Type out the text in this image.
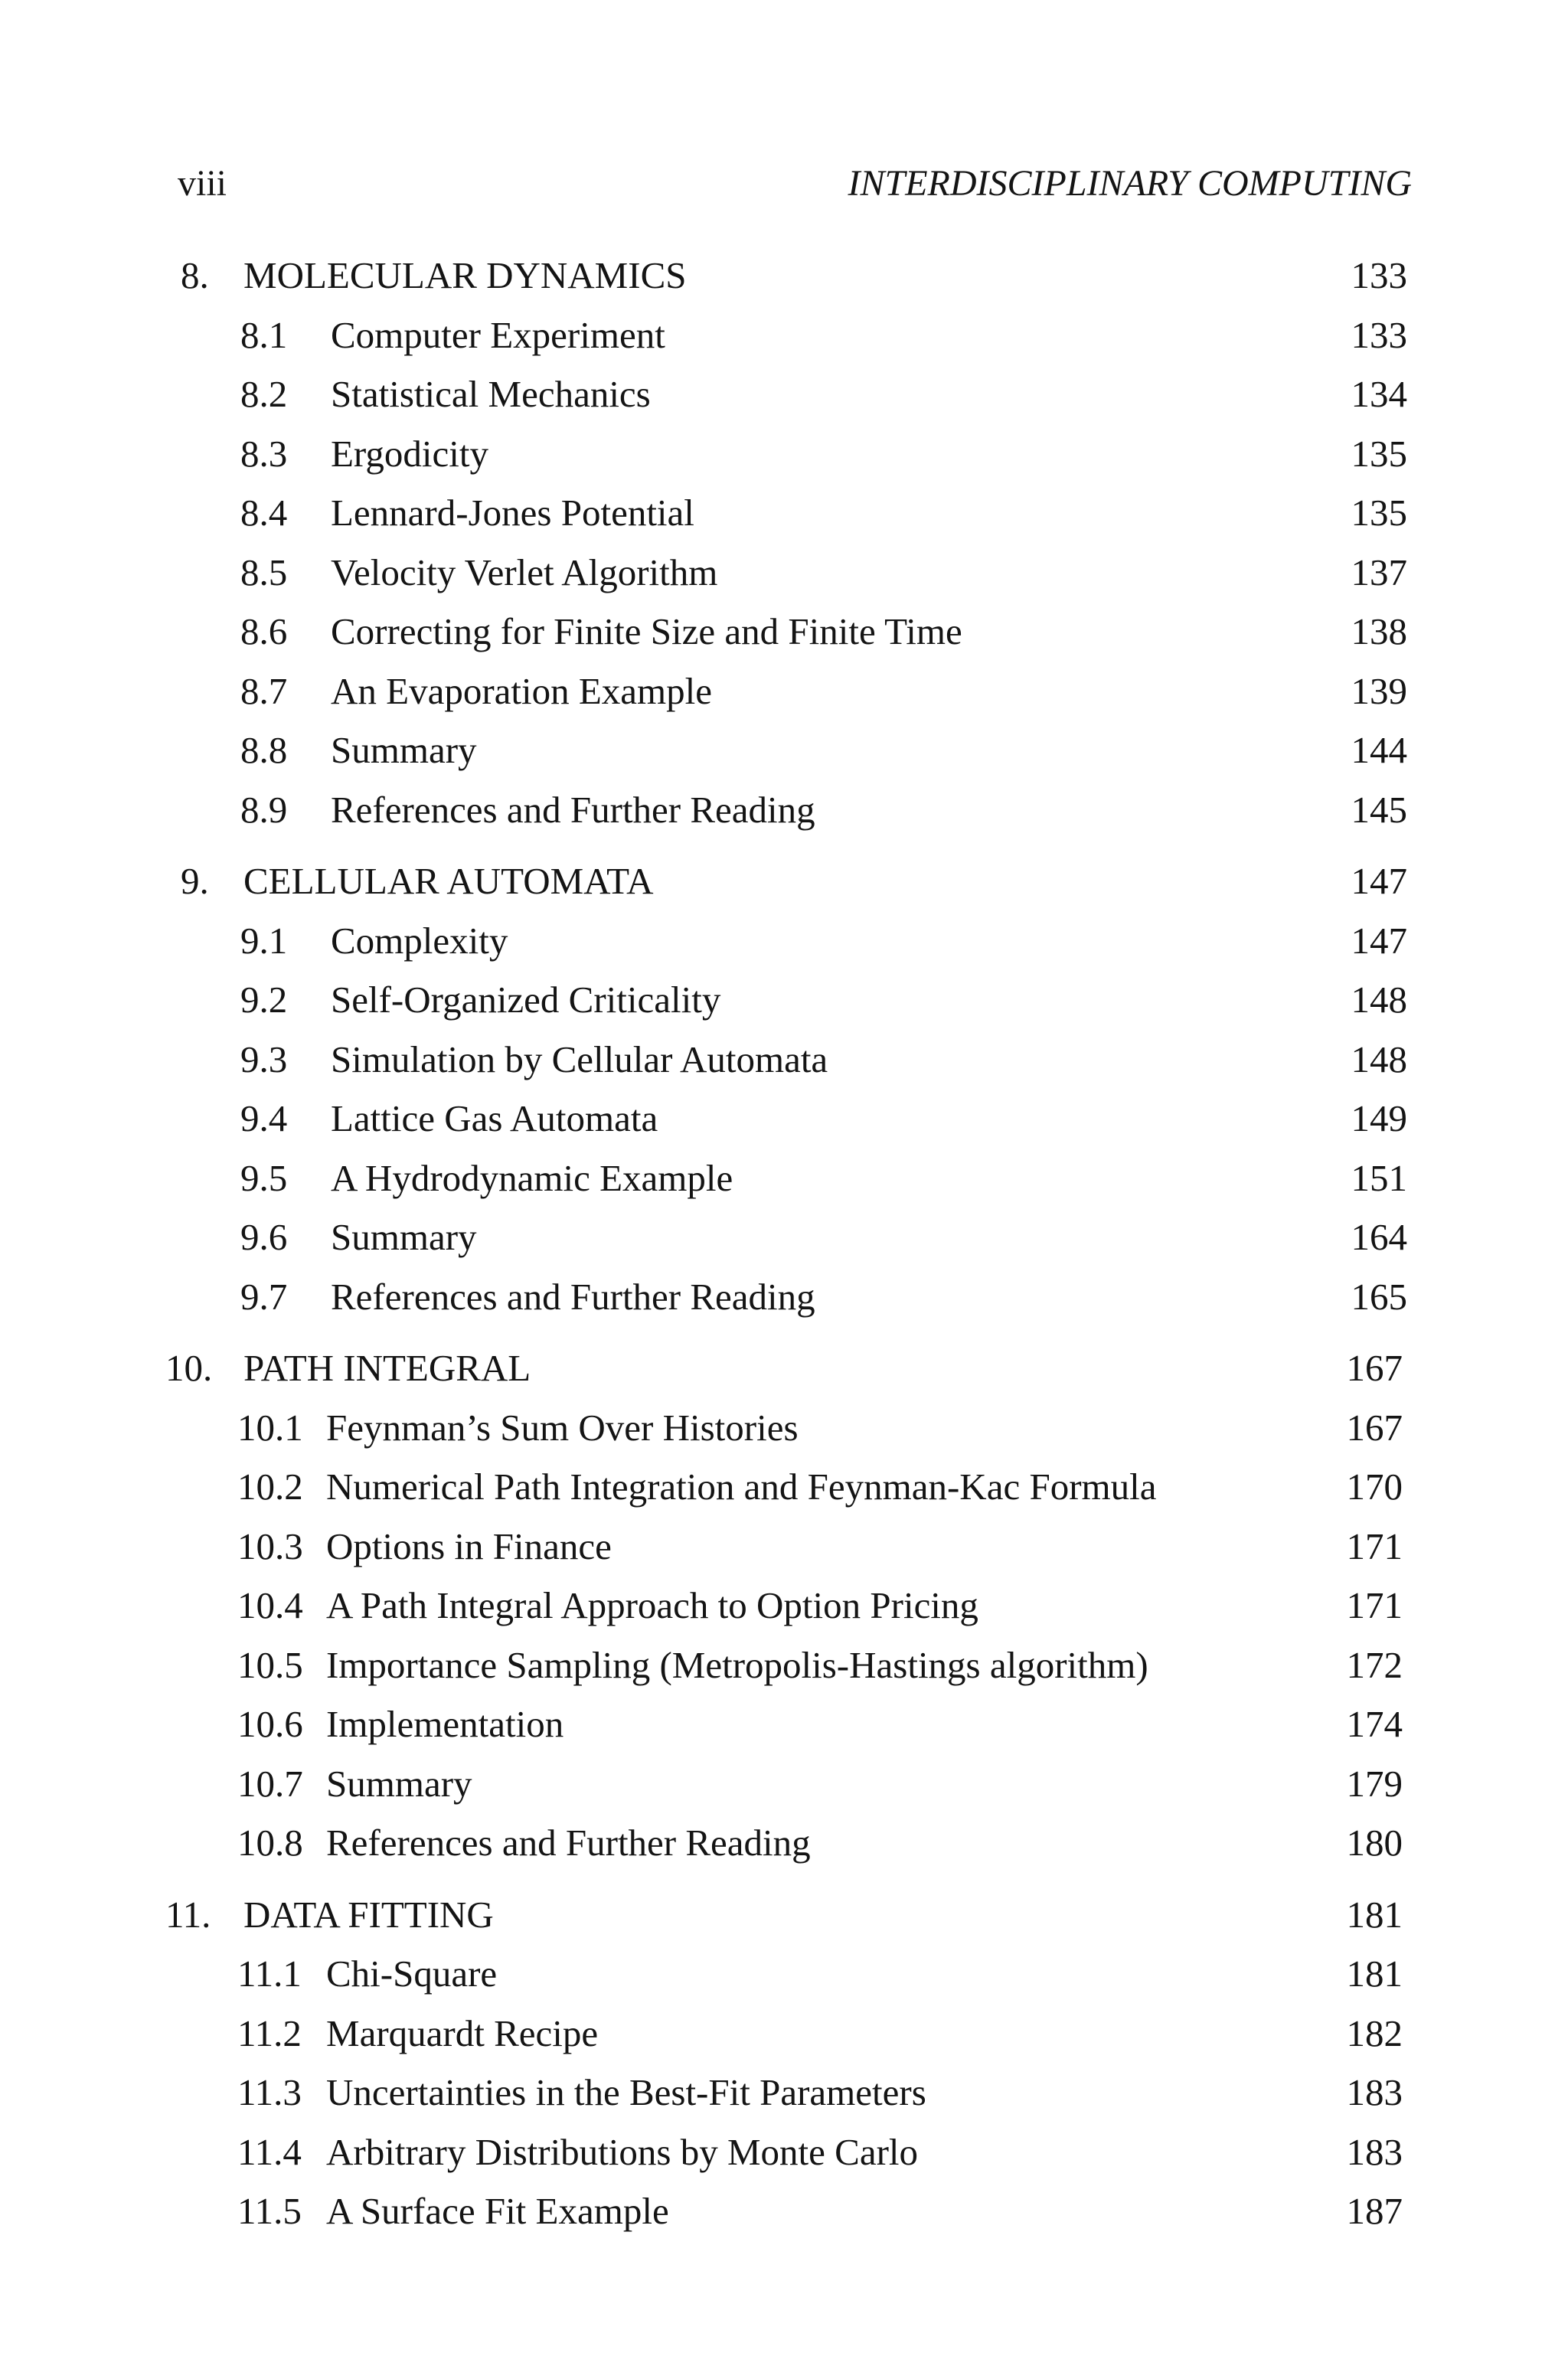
viii	INTERDISCIPLINARY COMPUTING
8. MOLECULAR DYNAMICS	133
8.1 Computer Experiment	133
8.2 Statistical Mechanics	134
8.3 Ergodicity	135
8.4 Lennard-Jones Potential	135
8.5 Velocity Verlet Algorithm	137
8.6 Correcting for Finite Size and Finite Time	138
8.7 An Evaporation Example	139
8.8 Summary	144
8.9 References and Further Reading	145
9. CELLULAR AUTOMATA	147
9.1 Complexity	147
9.2 Self-Organized Criticality	148
9.3 Simulation by Cellular Automata	148
9.4 Lattice Gas Automata	149
9.5 A Hydrodynamic Example	151
9.6 Summary	164
9.7 References and Further Reading	165
10. PATH INTEGRAL	167
10.1 Feynman’s Sum Over Histories	167
10.2 Numerical Path Integration and Feynman-Kac Formula	170
10.3 Options in Finance	171
10.4 A Path Integral Approach to Option Pricing	171
10.5 Importance Sampling (Metropolis-Hastings algorithm)	172
10.6 Implementation	174
10.7 Summary	179
10.8 References and Further Reading	180
11. DATA FITTING	181
11.1 Chi-Square	181
11.2 Marquardt Recipe	182
11.3 Uncertainties in the Best-Fit Parameters	183
11.4 Arbitrary Distributions by Monte Carlo	183
11.5 A Surface Fit Example	187
